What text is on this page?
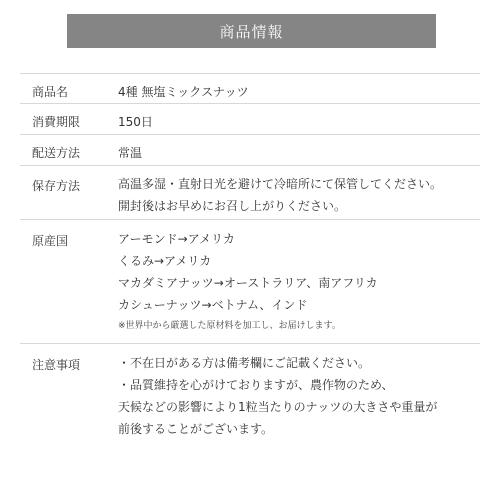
商品情報
商品名	4種 無塩ミックスナッツ
消費期限	150日
配送方法	常温
保存方法	高温多湿・直射日光を避けて冷暗所にて保管してください。
開封後はお早めにお召し上がりください。
原産国	アーモンド→アメリカ
くるみ→アメリカ
マカダミアナッツ→オーストラリア、南アフリカ
カシューナッツ→ベトナム、インド
※世界中から厳選した原材料を加工し、お届けします。
注意事項	・不在日がある方は備考欄にご記載ください。
・品質維持を心がけておりますが、農作物のため、
天候などの影響により1粒当たりのナッツの大きさや重量が
前後することがございます。
